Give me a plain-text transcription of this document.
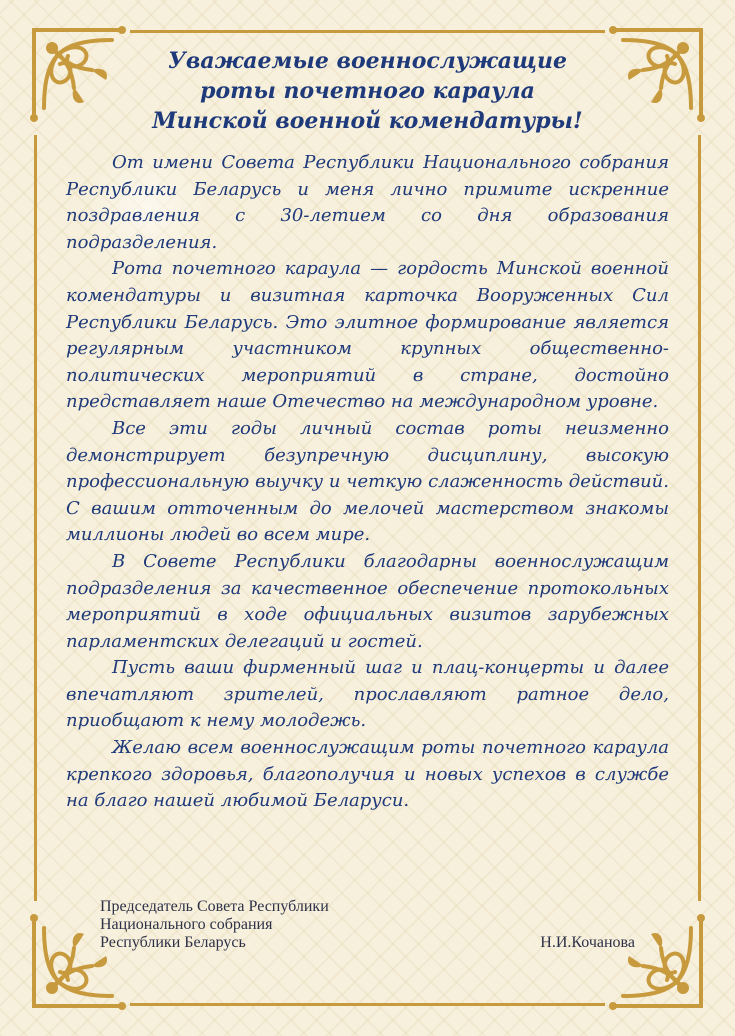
Уважаемые военнослужащие
роты почетного караула
Минской военной комендатуры!

От имени Совета Республики Национального собрания Республики Беларусь и меня лично примите искренние поздравления с 30-летием со дня образования подразделения.

Рота почетного караула — гордость Минской военной комендатуры и визитная карточка Вооруженных Сил Республики Беларусь. Это элитное формирование является регулярным участником крупных общественно-политических мероприятий в стране, достойно представляет наше Отечество на международном уровне.

Все эти годы личный состав роты неизменно демонстрирует безупречную дисциплину, высокую профессиональную выучку и четкую слаженность действий. С вашим отточенным до мелочей мастерством знакомы миллионы людей во всем мире.

В Совете Республики благодарны военнослужащим подразделения за качественное обеспечение протокольных мероприятий в ходе официальных визитов зарубежных парламентских делегаций и гостей.

Пусть ваши фирменный шаг и плац-концерты и далее впечатляют зрителей, прославляют ратное дело, приобщают к нему молодежь.

Желаю всем военнослужащим роты почетного караула крепкого здоровья, благополучия и новых успехов в службе на благо нашей любимой Беларуси.

Председатель Совета Республики
Национального собрания
Республики Беларусь	Н.И.Кочанова
